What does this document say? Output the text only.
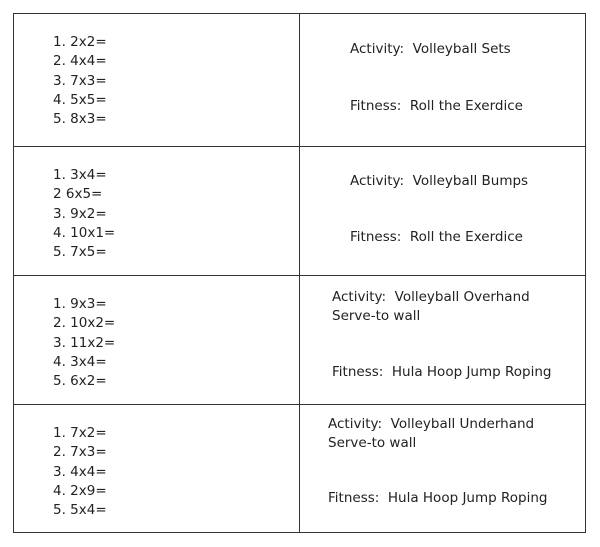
1. 2x2=
2. 4x4=
3. 7x3=
4. 5x5=
5. 8x3=
Activity:  Volleyball Sets
Fitness:  Roll the Exerdice
1. 3x4=
2 6x5=
3. 9x2=
4. 10x1=
5. 7x5=
Activity:  Volleyball Bumps
Fitness:  Roll the Exerdice
1. 9x3=
2. 10x2=
3. 11x2=
4. 3x4=
5. 6x2=
Activity:  Volleyball Overhand
Serve-to wall
Fitness:  Hula Hoop Jump Roping
1. 7x2=
2. 7x3=
3. 4x4=
4. 2x9=
5. 5x4=
Activity:  Volleyball Underhand
Serve-to wall
Fitness:  Hula Hoop Jump Roping
